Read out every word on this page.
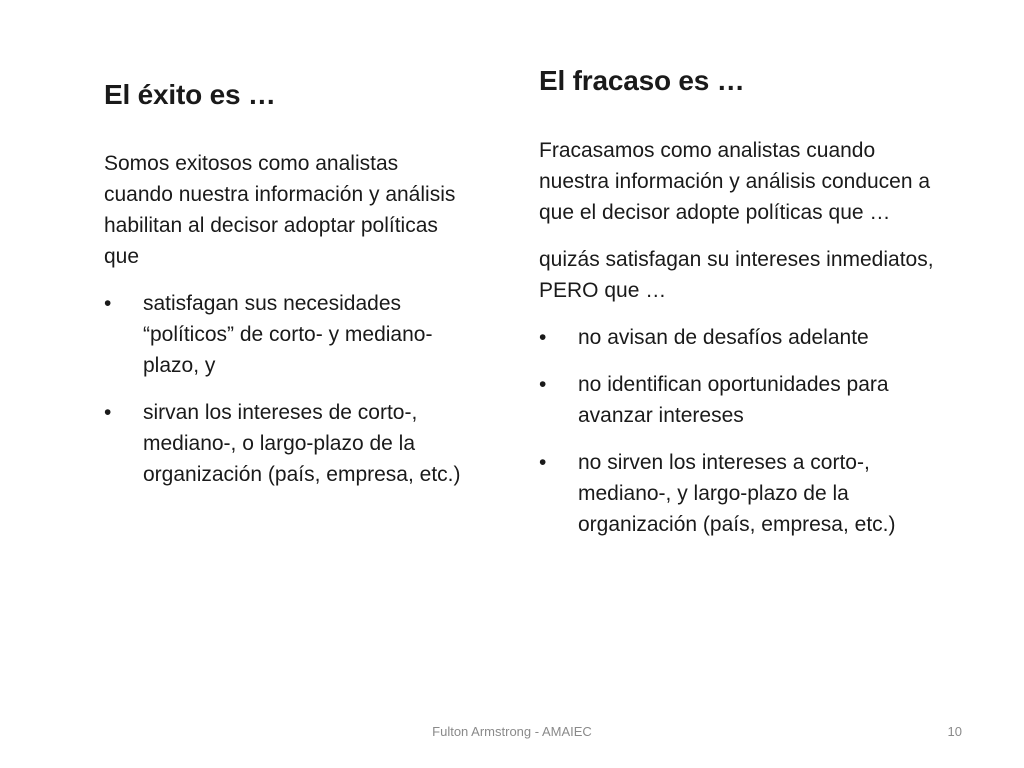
El éxito es …

Somos exitosos como analistas cuando nuestra información y análisis habilitan al decisor adoptar políticas que

•	satisfagan sus necesidades “políticos” de corto- y mediano-plazo, y
•	sirvan los intereses de corto-, mediano-, o largo-plazo de la organización (país, empresa, etc.)
El fracaso es …

Fracasamos como analistas cuando nuestra información y análisis conducen a que el decisor adopte políticas que …

quizás satisfagan su intereses inmediatos, PERO que …

•	no avisan de desafíos adelante
•	no identifican oportunidades para avanzar intereses
•	no sirven los intereses a corto-, mediano-, y largo-plazo de la organización (país, empresa, etc.)
Fulton Armstrong - AMAIEC	10
